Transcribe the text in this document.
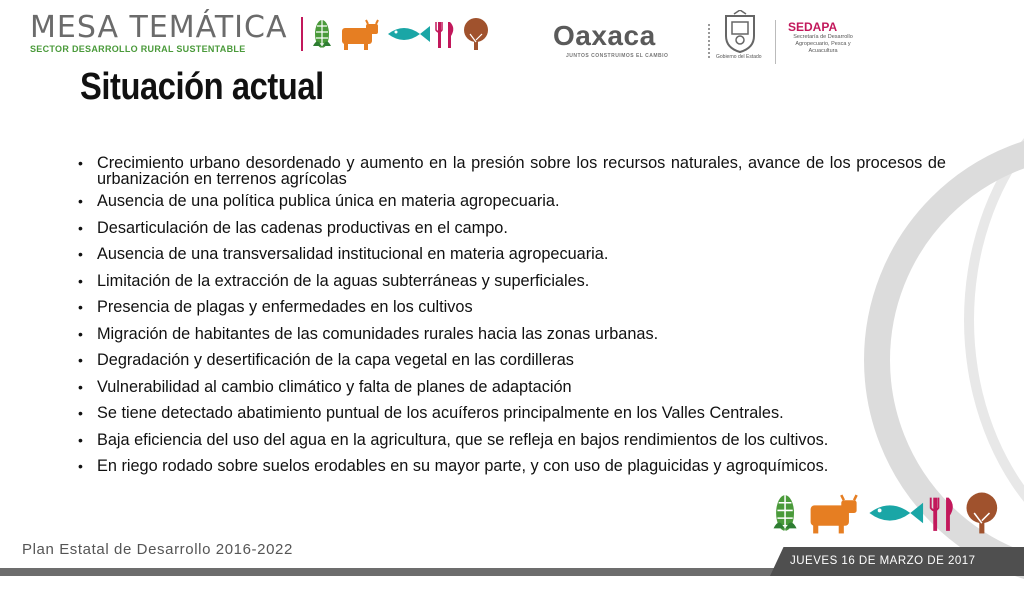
MESA TEMÁTICA
SECTOR DESARROLLO RURAL SUSTENTABLE	Oaxaca
JUNTOS CONSTRUIMOS EL CAMBIO	Gobierno del Estado
SEDAPA
Secretaría de Desarrollo Agropecuario, Pesca y Acuacultura
Situación actual
• Crecimiento urbano desordenado y aumento en la presión sobre los recursos naturales, avance de los procesos de urbanización en terrenos agrícolas
• Ausencia de una política publica única en materia agropecuaria.
• Desarticulación de las cadenas productivas en el campo.
• Ausencia de una transversalidad institucional en materia agropecuaria.
• Limitación de la extracción de la aguas subterráneas y superficiales.
• Presencia de plagas y enfermedades en los cultivos
• Migración de habitantes de las comunidades rurales hacia las zonas urbanas.
• Degradación y desertificación de la capa vegetal en las cordilleras
• Vulnerabilidad al cambio climático y falta de planes de adaptación
• Se tiene detectado abatimiento puntual de los acuíferos principalmente en los Valles Centrales.
• Baja eficiencia del uso del agua en la agricultura, que se refleja en bajos rendimientos de los cultivos.
• En riego rodado sobre suelos erodables en su mayor parte, y con uso de plaguicidas y agroquímicos.
Plan Estatal de Desarrollo 2016-2022
JUEVES 16 DE MARZO DE 2017
